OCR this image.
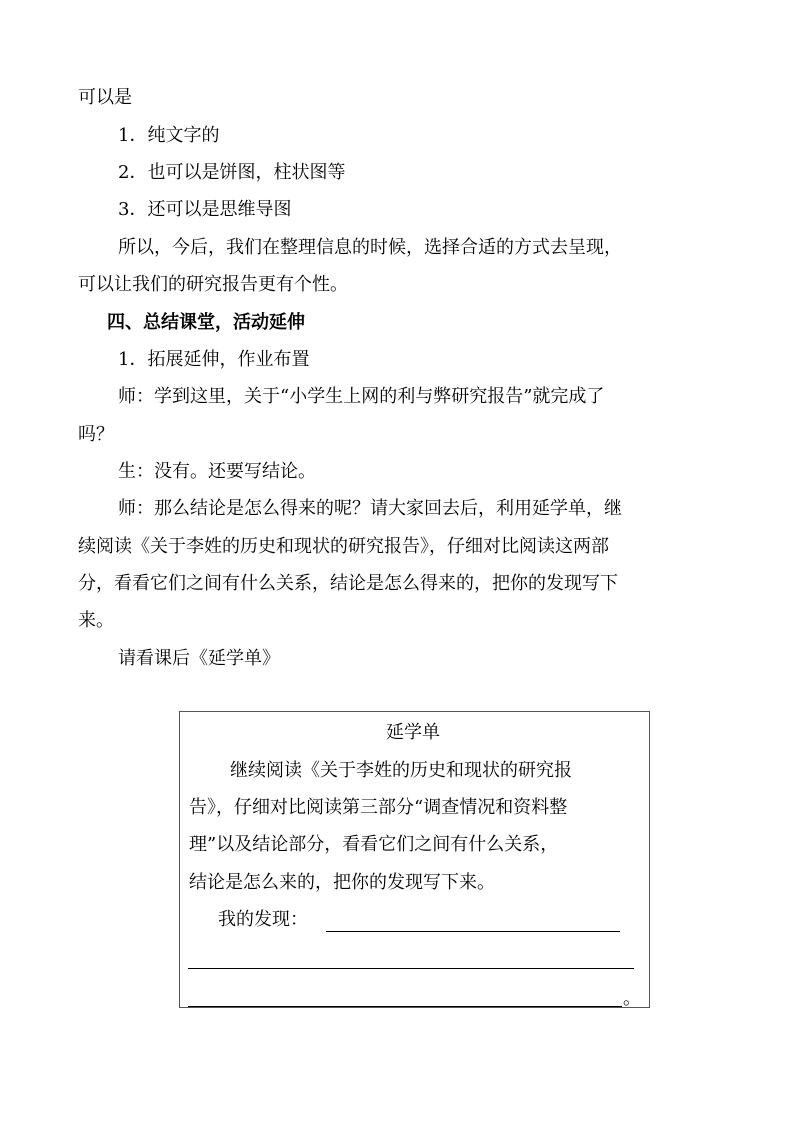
可以是
1．纯文字的
2．也可以是饼图，柱状图等
3．还可以是思维导图
所以，今后，我们在整理信息的时候，选择合适的方式去呈现，
可以让我们的研究报告更有个性。
四、总结课堂，活动延伸
1．拓展延伸，作业布置
师：学到这里，关于“小学生上网的利与弊研究报告”就完成了
吗？
生：没有。还要写结论。
师：那么结论是怎么得来的呢？请大家回去后，利用延学单，继
续阅读《关于李姓的历史和现状的研究报告》，仔细对比阅读这两部
分，看看它们之间有什么关系，结论是怎么得来的，把你的发现写下
来。
请看课后《延学单》
延学单
继续阅读《关于李姓的历史和现状的研究报
告》，仔细对比阅读第三部分“调查情况和资料整
理”以及结论部分，看看它们之间有什么关系，
结论是怎么来的，把你的发现写下来。
我的发现：
。
